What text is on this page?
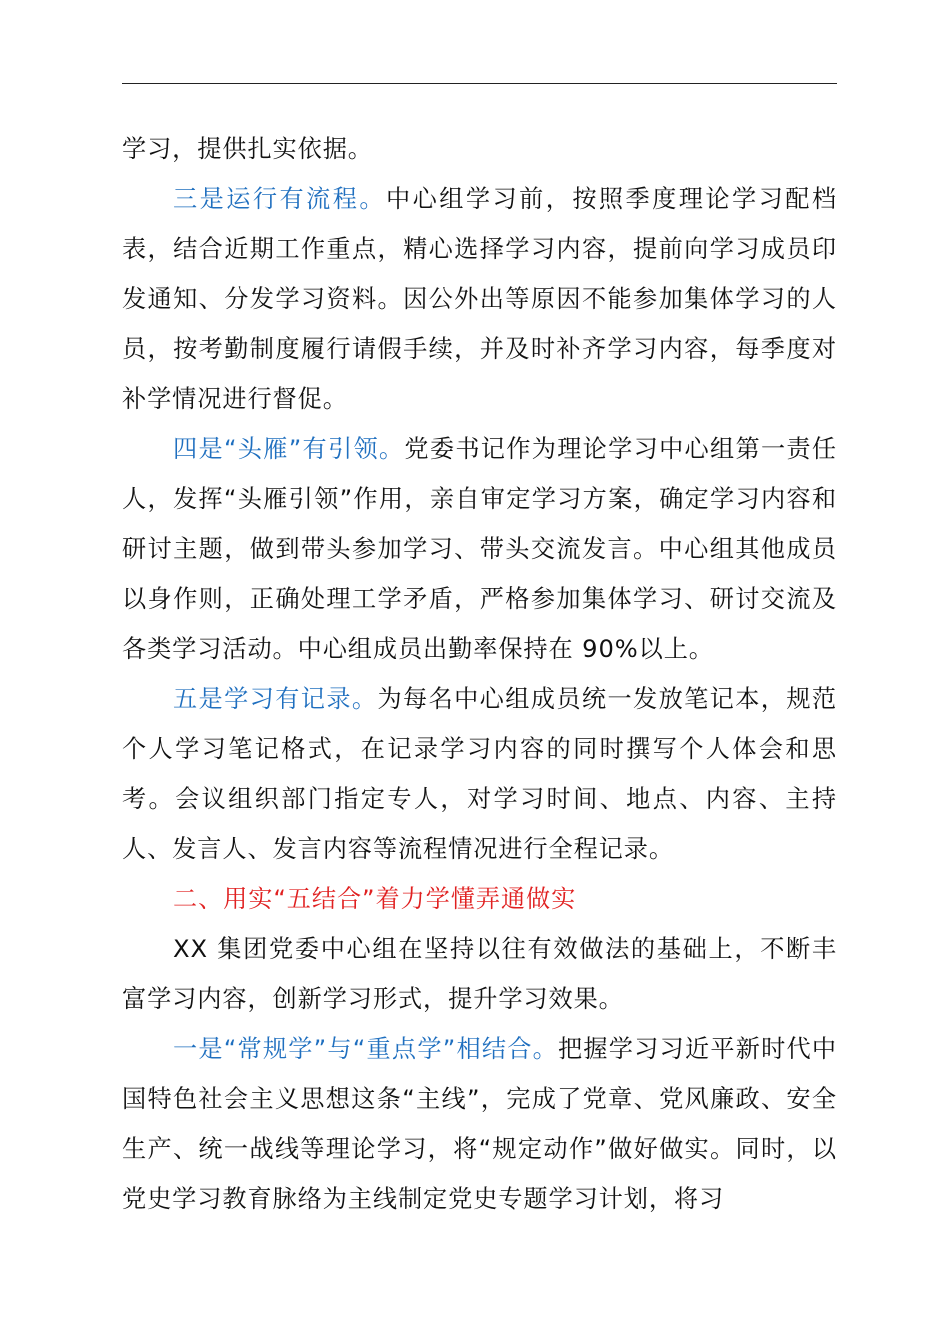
学习，提供扎实依据。

三是运行有流程。中心组学习前，按照季度理论学习配档表，结合近期工作重点，精心选择学习内容，提前向学习成员印发通知、分发学习资料。因公外出等原因不能参加集体学习的人员，按考勤制度履行请假手续，并及时补齐学习内容，每季度对补学情况进行督促。

四是“头雁”有引领。党委书记作为理论学习中心组第一责任人，发挥“头雁引领”作用，亲自审定学习方案，确定学习内容和研讨主题，做到带头参加学习、带头交流发言。中心组其他成员以身作则，正确处理工学矛盾，严格参加集体学习、研讨交流及各类学习活动。中心组成员出勤率保持在 90%以上。

五是学习有记录。为每名中心组成员统一发放笔记本，规范个人学习笔记格式，在记录学习内容的同时撰写个人体会和思考。会议组织部门指定专人，对学习时间、地点、内容、主持人、发言人、发言内容等流程情况进行全程记录。

二、用实“五结合”着力学懂弄通做实

XX 集团党委中心组在坚持以往有效做法的基础上，不断丰富学习内容，创新学习形式，提升学习效果。

一是“常规学”与“重点学”相结合。把握学习习近平新时代中国特色社会主义思想这条“主线”，完成了党章、党风廉政、安全生产、统一战线等理论学习，将“规定动作”做好做实。同时，以党史学习教育脉络为主线制定党史专题学习计划，将习
